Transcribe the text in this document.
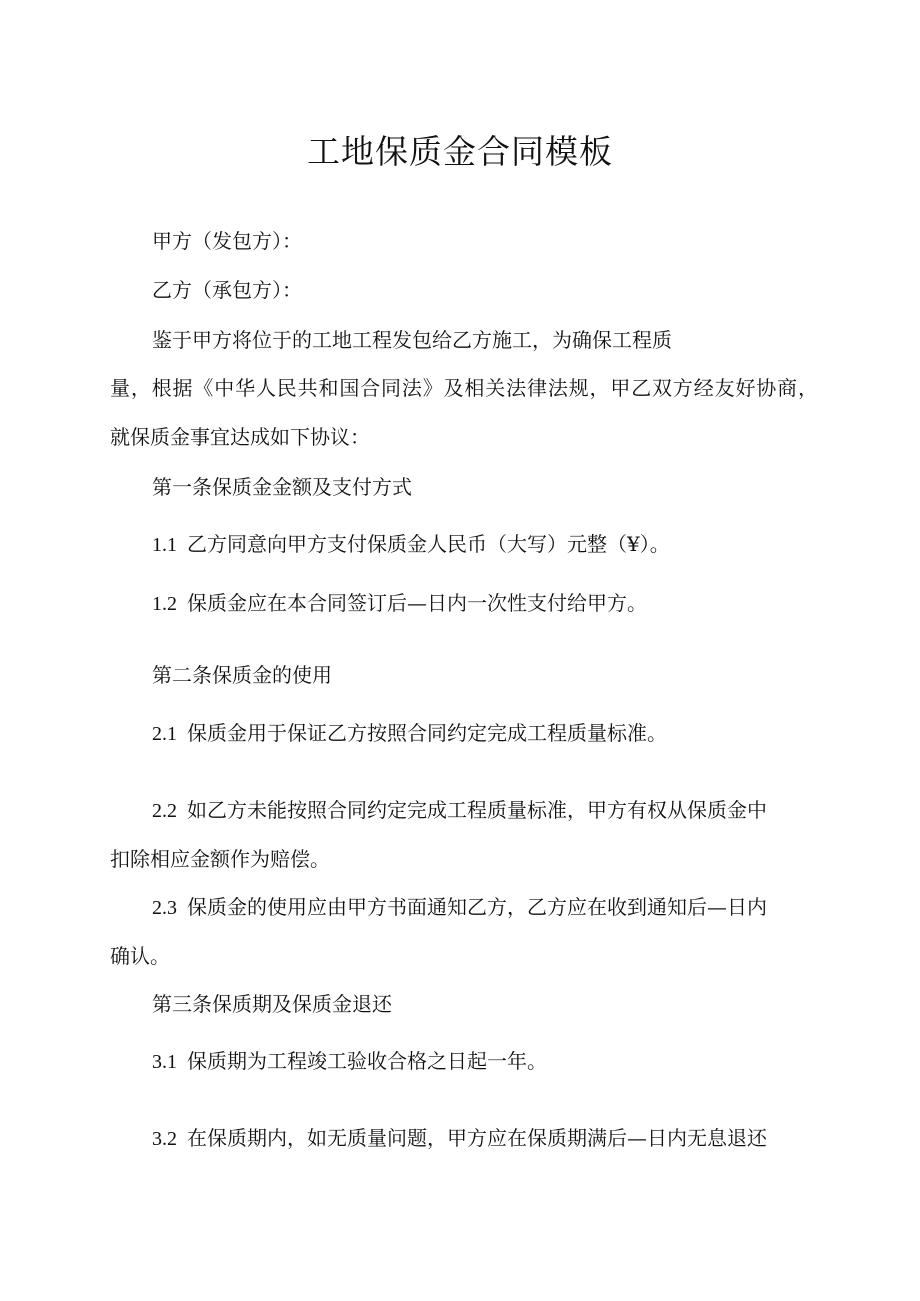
工地保质金合同模板
甲方（发包方）：
乙方（承包方）：
鉴于甲方将位于的工地工程发包给乙方施工，为确保工程质
量，根据《中华人民共和国合同法》及相关法律法规，甲乙双方经友好协商，
就保质金事宜达成如下协议：
第一条保质金金额及支付方式
1.1 乙方同意向甲方支付保质金人民币（大写）元整（¥）。
1.2 保质金应在本合同签订后—日内一次性支付给甲方。
第二条保质金的使用
2.1 保质金用于保证乙方按照合同约定完成工程质量标准。
2.2 如乙方未能按照合同约定完成工程质量标准，甲方有权从保质金中
扣除相应金额作为赔偿。
2.3 保质金的使用应由甲方书面通知乙方，乙方应在收到通知后—日内
确认。
第三条保质期及保质金退还
3.1 保质期为工程竣工验收合格之日起一年。
3.2 在保质期内，如无质量问题，甲方应在保质期满后—日内无息退还
